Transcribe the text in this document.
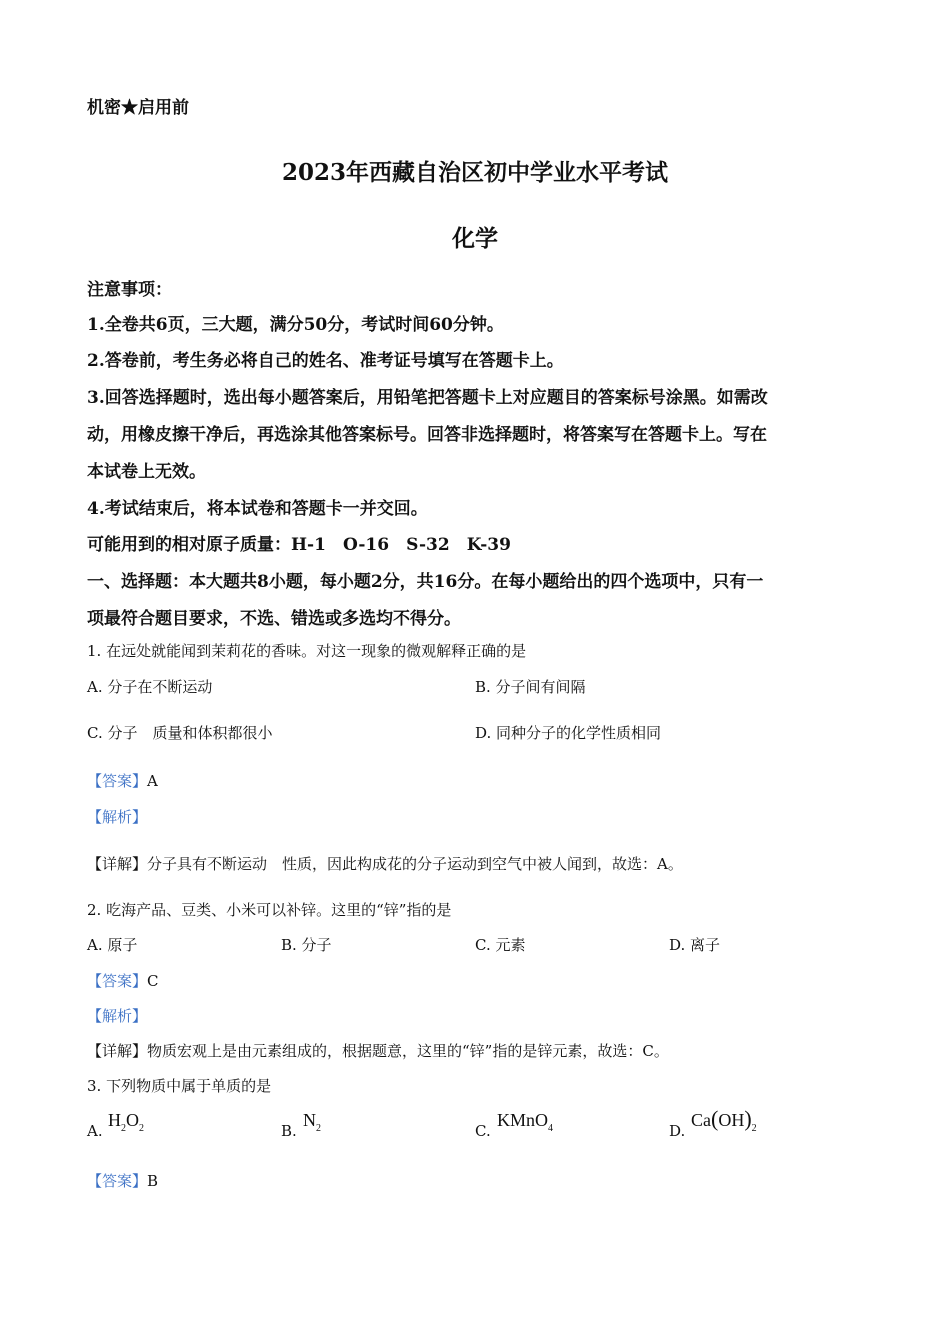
机密★启用前
2023年西藏自治区初中学业水平考试
化学
注意事项：
1.全卷共6页，三大题，满分50分，考试时间60分钟。
2.答卷前，考生务必将自己的姓名、准考证号填写在答题卡上。
3.回答选择题时，选出每小题答案后，用铅笔把答题卡上对应题目的答案标号涂黑。如需改
动，用橡皮擦干净后，再选涂其他答案标号。回答非选择题时，将答案写在答题卡上。写在
本试卷上无效。
4.考试结束后，将本试卷和答题卡一并交回。
可能用到的相对原子质量：H-1　O-16　S-32　K-39
一、选择题：本大题共8小题，每小题2分，共16分。在每小题给出的四个选项中，只有一
项最符合题目要求，不选、错选或多选均不得分。
1. 在远处就能闻到茉莉花的香味。对这一现象的微观解释正确的是
A. 分子在不断运动	B. 分子间有间隔
C. 分子　质量和体积都很小	D. 同种分子的化学性质相同
【答案】A
【解析】
【详解】分子具有不断运动　性质，因此构成花的分子运动到空气中被人闻到，故选：A。
2. 吃海产品、豆类、小米可以补锌。这里的“锌”指的是
A. 原子	B. 分子	C. 元素	D. 离子
【答案】C
【解析】
【详解】物质宏观上是由元素组成的，根据题意，这里的“锌”指的是锌元素，故选：C。
3. 下列物质中属于单质的是
A.
$H_2O_2$	B.
$N_2$	C.
KMnO$_4$	D.
$Ca(OH)_2$
【答案】B
